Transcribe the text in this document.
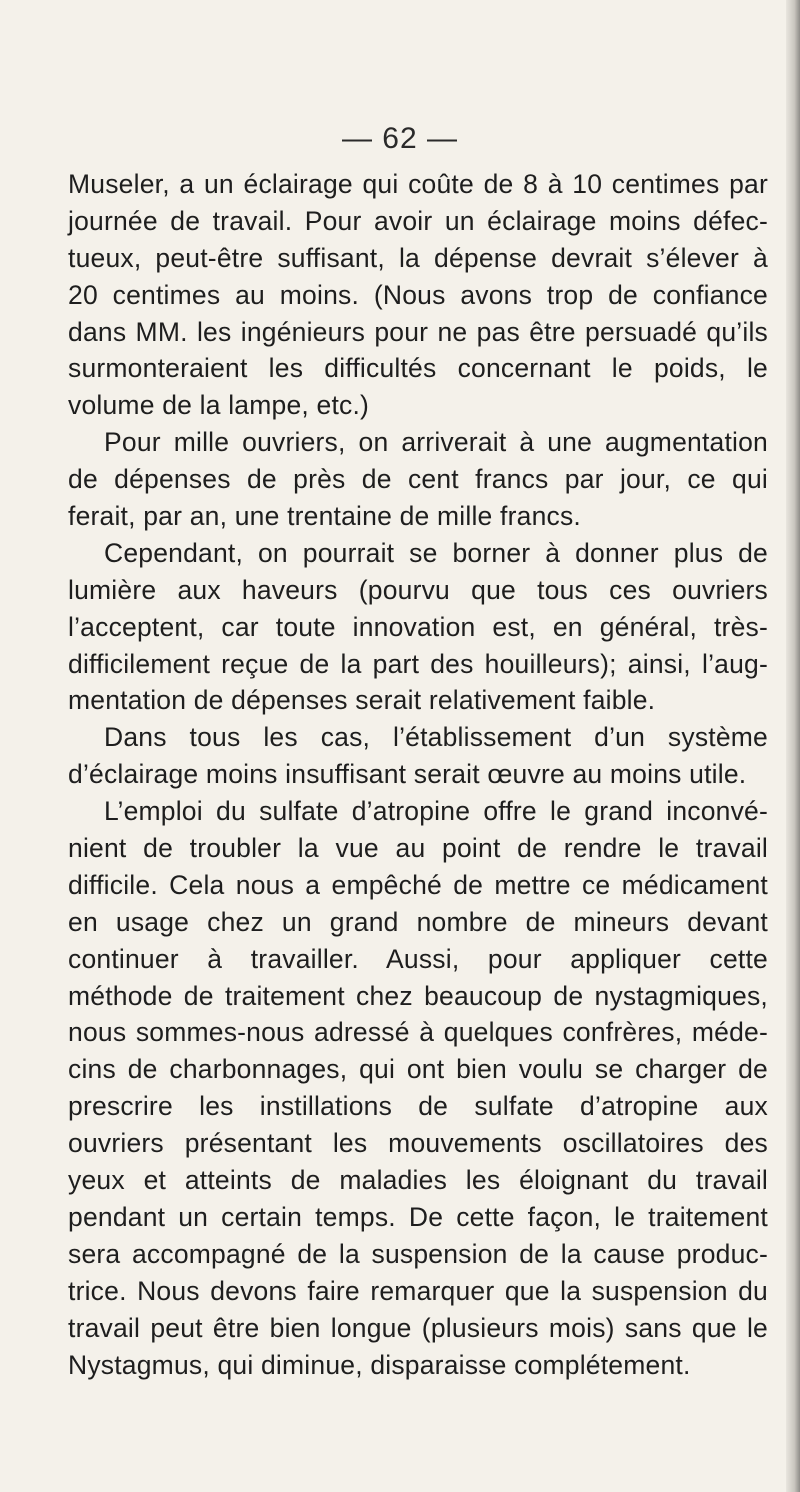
— 62 —
Museler, a un éclairage qui coûte de 8 à 10 centimes par
journée de travail. Pour avoir un éclairage moins défec-
tueux, peut-être suffisant, la dépense devrait s’élever à
20 centimes au moins. (Nous avons trop de confiance
dans MM. les ingénieurs pour ne pas être persuadé qu’ils
surmonteraient les difficultés concernant le poids, le
volume de la lampe, etc.)
Pour mille ouvriers, on arriverait à une augmentation
de dépenses de près de cent francs par jour, ce qui
ferait, par an, une trentaine de mille francs.
Cependant, on pourrait se borner à donner plus de
lumière aux haveurs (pourvu que tous ces ouvriers
l’acceptent, car toute innovation est, en général, très-
difficilement reçue de la part des houilleurs); ainsi, l’aug-
mentation de dépenses serait relativement faible.
Dans tous les cas, l’établissement d’un système
d’éclairage moins insuffisant serait œuvre au moins utile.
L’emploi du sulfate d’atropine offre le grand inconvé-
nient de troubler la vue au point de rendre le travail
difficile. Cela nous a empêché de mettre ce médicament
en usage chez un grand nombre de mineurs devant
continuer à travailler. Aussi, pour appliquer cette
méthode de traitement chez beaucoup de nystagmiques,
nous sommes-nous adressé à quelques confrères, méde-
cins de charbonnages, qui ont bien voulu se charger de
prescrire les instillations de sulfate d’atropine aux
ouvriers présentant les mouvements oscillatoires des
yeux et atteints de maladies les éloignant du travail
pendant un certain temps. De cette façon, le traitement
sera accompagné de la suspension de la cause produc-
trice. Nous devons faire remarquer que la suspension du
travail peut être bien longue (plusieurs mois) sans que le
Nystagmus, qui diminue, disparaisse complétement.
